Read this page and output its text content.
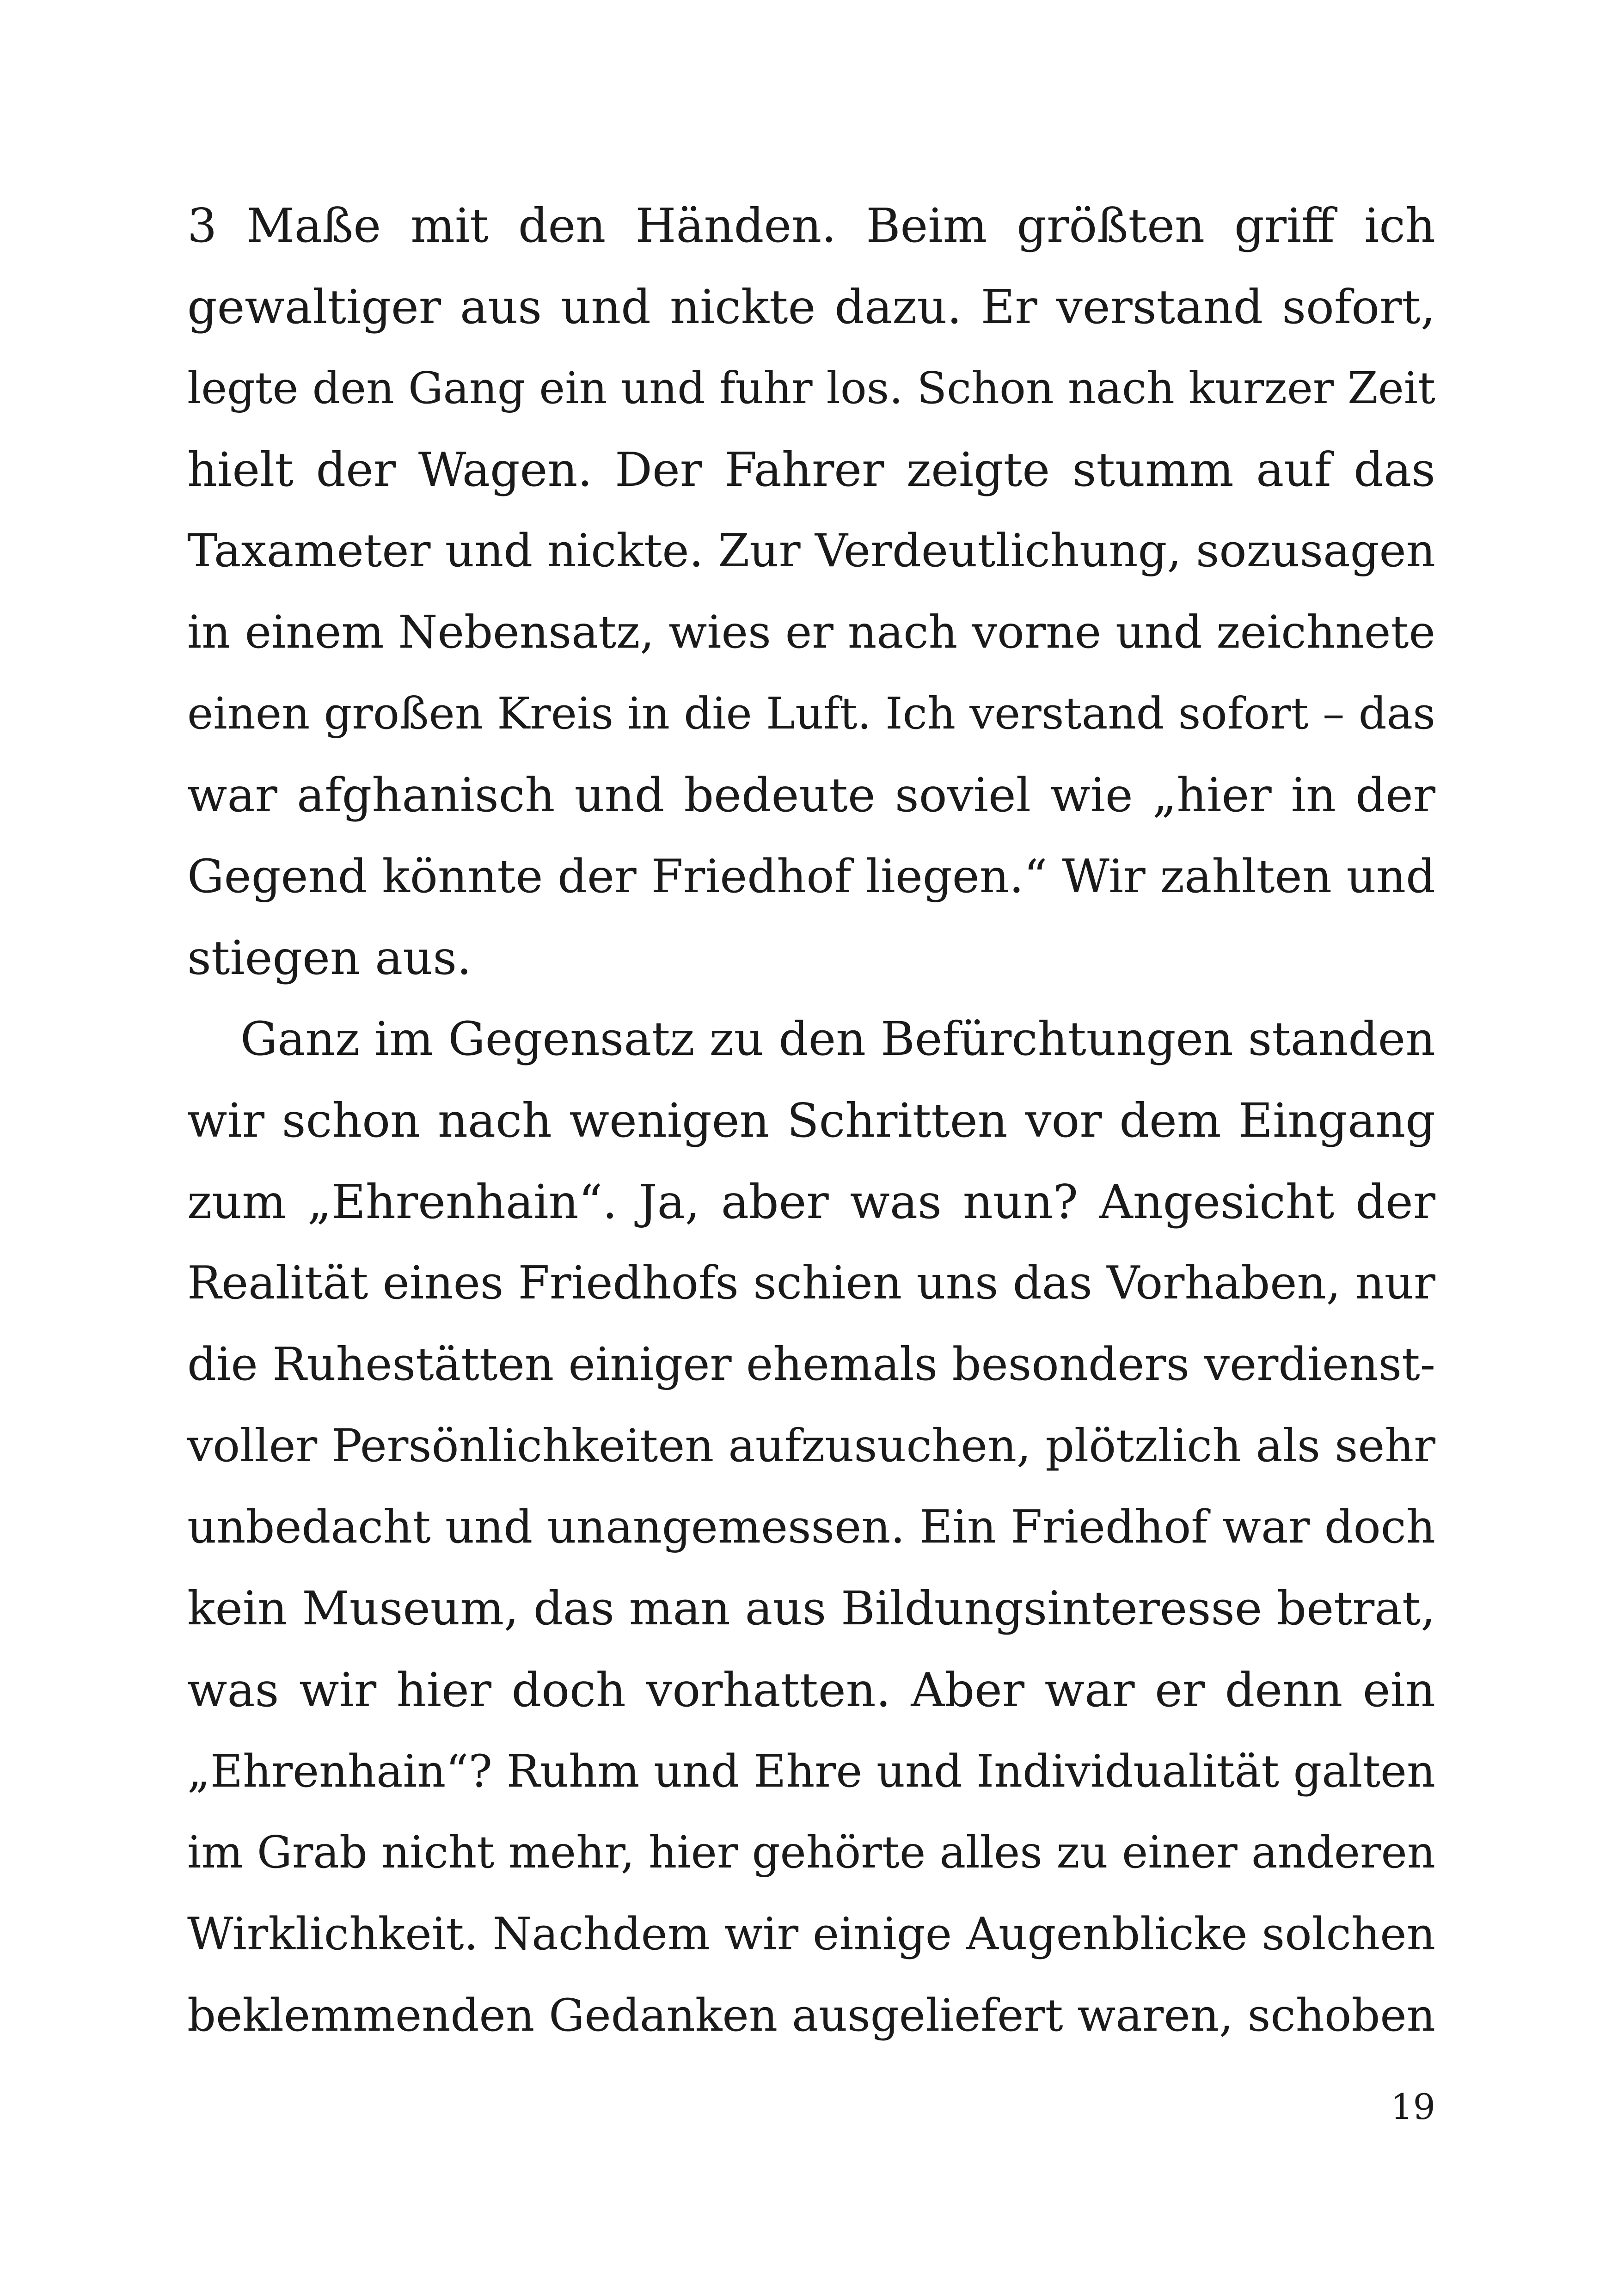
3 Maße mit den Händen. Beim größten griff ich
gewaltiger aus und nickte dazu. Er verstand sofort,
legte den Gang ein und fuhr los. Schon nach kurzer Zeit
hielt der Wagen. Der Fahrer zeigte stumm auf das
Taxameter und nickte. Zur Verdeutlichung, sozusagen
in einem Nebensatz, wies er nach vorne und zeichnete
einen großen Kreis in die Luft. Ich verstand sofort – das
war afghanisch und bedeute soviel wie „hier in der
Gegend könnte der Friedhof liegen.“ Wir zahlten und
stiegen aus.
Ganz im Gegensatz zu den Befürchtungen standen
wir schon nach wenigen Schritten vor dem Eingang
zum „Ehrenhain“. Ja, aber was nun? Angesicht der
Realität eines Friedhofs schien uns das Vorhaben, nur
die Ruhestätten einiger ehemals besonders verdienst-
voller Persönlichkeiten aufzusuchen, plötzlich als sehr
unbedacht und unangemessen. Ein Friedhof war doch
kein Museum, das man aus Bildungsinteresse betrat,
was wir hier doch vorhatten. Aber war er denn ein
„Ehrenhain“? Ruhm und Ehre und Individualität galten
im Grab nicht mehr, hier gehörte alles zu einer anderen
Wirklichkeit. Nachdem wir einige Augenblicke solchen
beklemmenden Gedanken ausgeliefert waren, schoben
19
